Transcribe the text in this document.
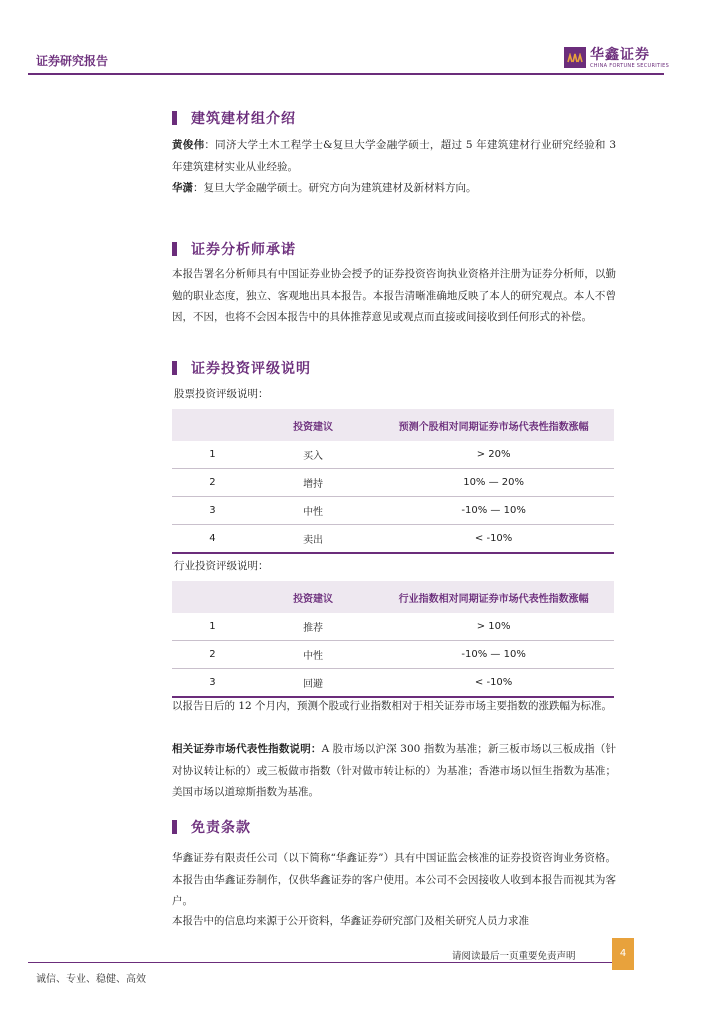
证券研究报告	华鑫证券
CHINA FORTUNE SECURITIES
建筑建材组介绍
黄俊伟：同济大学土木工程学士&复旦大学金融学硕士，超过 5 年建筑建材行业研究经验和 3 年建筑建材实业从业经验。
华潇：复旦大学金融学硕士。研究方向为建筑建材及新材料方向。
证券分析师承诺
本报告署名分析师具有中国证券业协会授予的证券投资咨询执业资格并注册为证券分析师，以勤勉的职业态度，独立、客观地出具本报告。本报告清晰准确地反映了本人的研究观点。本人不曾因，不因，也将不会因本报告中的具体推荐意见或观点而直接或间接收到任何形式的补偿。
证券投资评级说明
股票投资评级说明：
	投资建议	预测个股相对同期证券市场代表性指数涨幅
1	买入	> 20%
2	增持	10% — 20%
3	中性	-10% — 10%
4	卖出	< -10%
行业投资评级说明：
	投资建议	行业指数相对同期证券市场代表性指数涨幅
1	推荐	> 10%
2	中性	-10% — 10%
3	回避	< -10%
以报告日后的 12 个月内，预测个股或行业指数相对于相关证券市场主要指数的涨跌幅为标准。
相关证券市场代表性指数说明：A 股市场以沪深 300 指数为基准；新三板市场以三板成指（针对协议转让标的）或三板做市指数（针对做市转让标的）为基准；香港市场以恒生指数为基准；美国市场以道琼斯指数为基准。
免责条款
华鑫证券有限责任公司（以下简称“华鑫证券”）具有中国证监会核准的证券投资咨询业务资格。本报告由华鑫证券制作，仅供华鑫证券的客户使用。本公司不会因接收人收到本报告而视其为客户。
本报告中的信息均来源于公开资料，华鑫证券研究部门及相关研究人员力求准
请阅读最后一页重要免责声明	4
诚信、专业、稳健、高效
